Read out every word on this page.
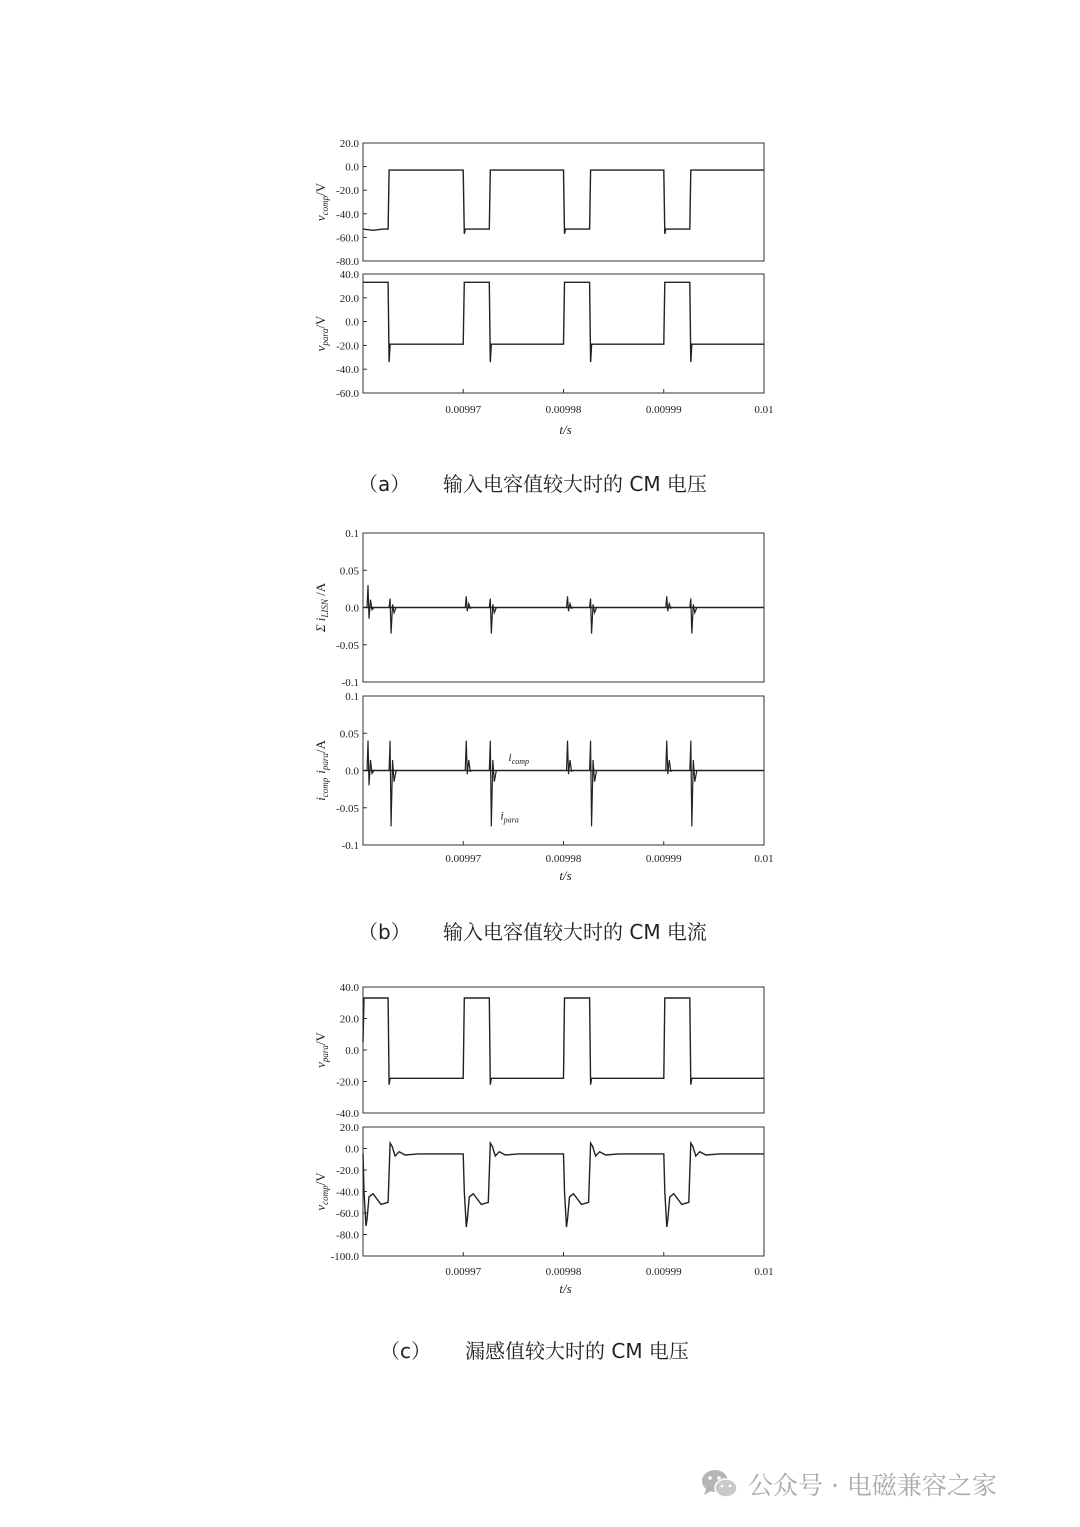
20.0
0.0
-20.0
-40.0
-60.0
-80.0
$v_{comp}/V$
40.0
20.0
0.0
-20.0
-40.0
-60.0
$v_{para}/V$
0.00997	0.00998	0.00999	0.01
t/s
0.1
0.05
0.0
-0.05
-0.1
Σ $i_{LISN}$ /A
0.1
0.05
0.0
-0.05
-0.1
$i_{comp}i_{para}/A$
0.00997	0.00998	0.00999	0.01
t/s
$i_{comp}$
$i_{para}$
40.0
20.0
0.0
-20.0
-40.0
$v_{para}/V$
20.0
0.0
-20.0
-40.0
-60.0
-80.0
-100.0
$v_{comp}/V$
0.00997	0.00998	0.00999	0.01
t/s

（a）

输入电容值较大时的 CM 电压

（b）

输入电容值较大时的 CM 电流

（c）

漏感值较大时的 CM 电压

公众号 · 电磁兼容之家
